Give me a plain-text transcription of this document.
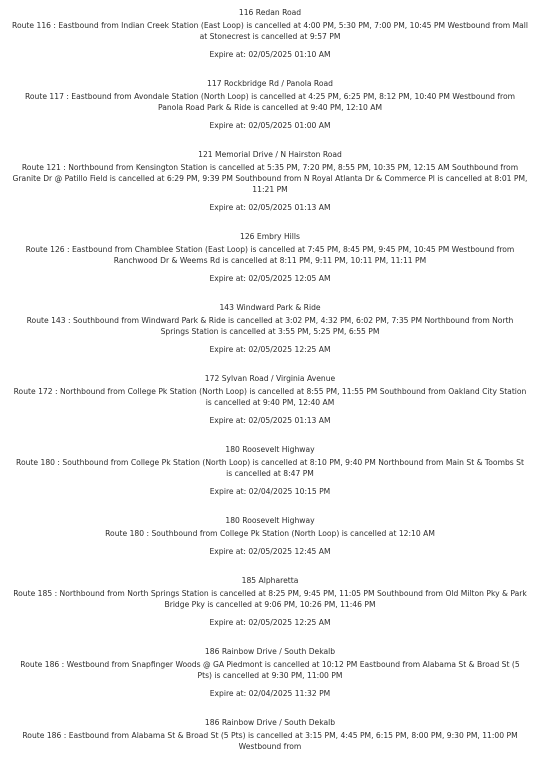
116 Redan Road

Route 116 : Eastbound from Indian Creek Station (East Loop) is cancelled at 4:00 PM, 5:30 PM, 7:00 PM, 10:45 PM Westbound from Mall at Stonecrest is cancelled at 9:57 PM

Expire at: 02/05/2025 01:10 AM

117 Rockbridge Rd / Panola Road

Route 117 : Eastbound from Avondale Station (North Loop) is cancelled at 4:25 PM, 6:25 PM, 8:12 PM, 10:40 PM Westbound from Panola Road Park & Ride is cancelled at 9:40 PM, 12:10 AM

Expire at: 02/05/2025 01:00 AM

121 Memorial Drive / N Hairston Road

Route 121 : Northbound from Kensington Station is cancelled at 5:35 PM, 7:20 PM, 8:55 PM, 10:35 PM, 12:15 AM Southbound from Granite Dr @ Patillo Field is cancelled at 6:29 PM, 9:39 PM Southbound from N Royal Atlanta Dr & Commerce Pl is cancelled at 8:01 PM, 11:21 PM

Expire at: 02/05/2025 01:13 AM

126 Embry Hills

Route 126 : Eastbound from Chamblee Station (East Loop) is cancelled at 7:45 PM, 8:45 PM, 9:45 PM, 10:45 PM Westbound from Ranchwood Dr & Weems Rd is cancelled at 8:11 PM, 9:11 PM, 10:11 PM, 11:11 PM

Expire at: 02/05/2025 12:05 AM

143 Windward Park & Ride

Route 143 : Southbound from Windward Park & Ride is cancelled at 3:02 PM, 4:32 PM, 6:02 PM, 7:35 PM Northbound from North Springs Station is cancelled at 3:55 PM, 5:25 PM, 6:55 PM

Expire at: 02/05/2025 12:25 AM

172 Sylvan Road / Virginia Avenue

Route 172 : Northbound from College Pk Station (North Loop) is cancelled at 8:55 PM, 11:55 PM Southbound from Oakland City Station is cancelled at 9:40 PM, 12:40 AM

Expire at: 02/05/2025 01:13 AM

180 Roosevelt Highway

Route 180 : Southbound from College Pk Station (North Loop) is cancelled at 8:10 PM, 9:40 PM Northbound from Main St & Toombs St is cancelled at 8:47 PM

Expire at: 02/04/2025 10:15 PM

180 Roosevelt Highway

Route 180 : Southbound from College Pk Station (North Loop) is cancelled at 12:10 AM

Expire at: 02/05/2025 12:45 AM

185 Alpharetta

Route 185 : Northbound from North Springs Station is cancelled at 8:25 PM, 9:45 PM, 11:05 PM Southbound from Old Milton Pky & Park Bridge Pky is cancelled at 9:06 PM, 10:26 PM, 11:46 PM

Expire at: 02/05/2025 12:25 AM

186 Rainbow Drive / South Dekalb

Route 186 : Westbound from Snapfinger Woods @ GA Piedmont is cancelled at 10:12 PM Eastbound from Alabama St & Broad St (5 Pts) is cancelled at 9:30 PM, 11:00 PM

Expire at: 02/04/2025 11:32 PM

186 Rainbow Drive / South Dekalb

Route 186 : Eastbound from Alabama St & Broad St (5 Pts) is cancelled at 3:15 PM, 4:45 PM, 6:15 PM, 8:00 PM, 9:30 PM, 11:00 PM Westbound from
